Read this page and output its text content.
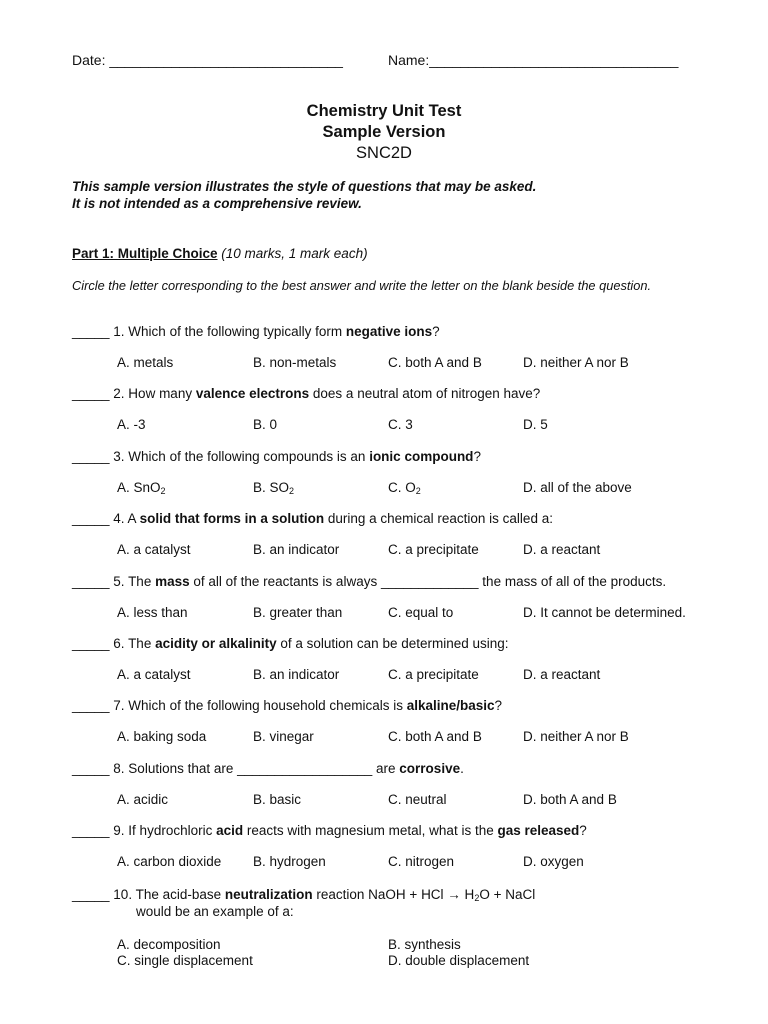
Date: ______________________________	Name:________________________________
Chemistry Unit Test
Sample Version
SNC2D
This sample version illustrates the style of questions that may be asked.
It is not intended as a comprehensive review.
Part 1: Multiple Choice (10 marks, 1 mark each)
Circle the letter corresponding to the best answer and write the letter on the blank beside the question.
_____ 1. Which of the following typically form negative ions?
A. metals	B. non-metals	C. both A and B	D. neither A nor B
_____ 2. How many valence electrons does a neutral atom of nitrogen have?
A. -3	B. 0	C. 3	D. 5
_____ 3. Which of the following compounds is an ionic compound?
A. SnO$_2$	B. $SO_2$	C. $O_2$	D. all of the above
_____ 4. A solid that forms in a solution during a chemical reaction is called a:
A. a catalyst	B. an indicator	C. a precipitate	D. a reactant
_____ 5. The mass of all of the reactants is always _____________ the mass of all of the products.
A. less than	B. greater than	C. equal to	D. It cannot be determined.
_____ 6. The acidity or alkalinity of a solution can be determined using:
A. a catalyst	B. an indicator	C. a precipitate	D. a reactant
_____ 7. Which of the following household chemicals is alkaline/basic?
A. baking soda	B. vinegar	C. both A and B	D. neither A nor B
_____ 8. Solutions that are __________________ are corrosive.
A. acidic	B. basic	C. neutral	D. both A and B
_____ 9. If hydrochloric acid reacts with magnesium metal, what is the gas released?
A. carbon dioxide B. hydrogen	C. nitrogen	D. oxygen
_____ 10. The acid-base neutralization reaction NaOH + HCl → $H_2O$ + NaCl
would be an example of a:
A. decomposition	B. synthesis
C. single displacement	D. double displacement
